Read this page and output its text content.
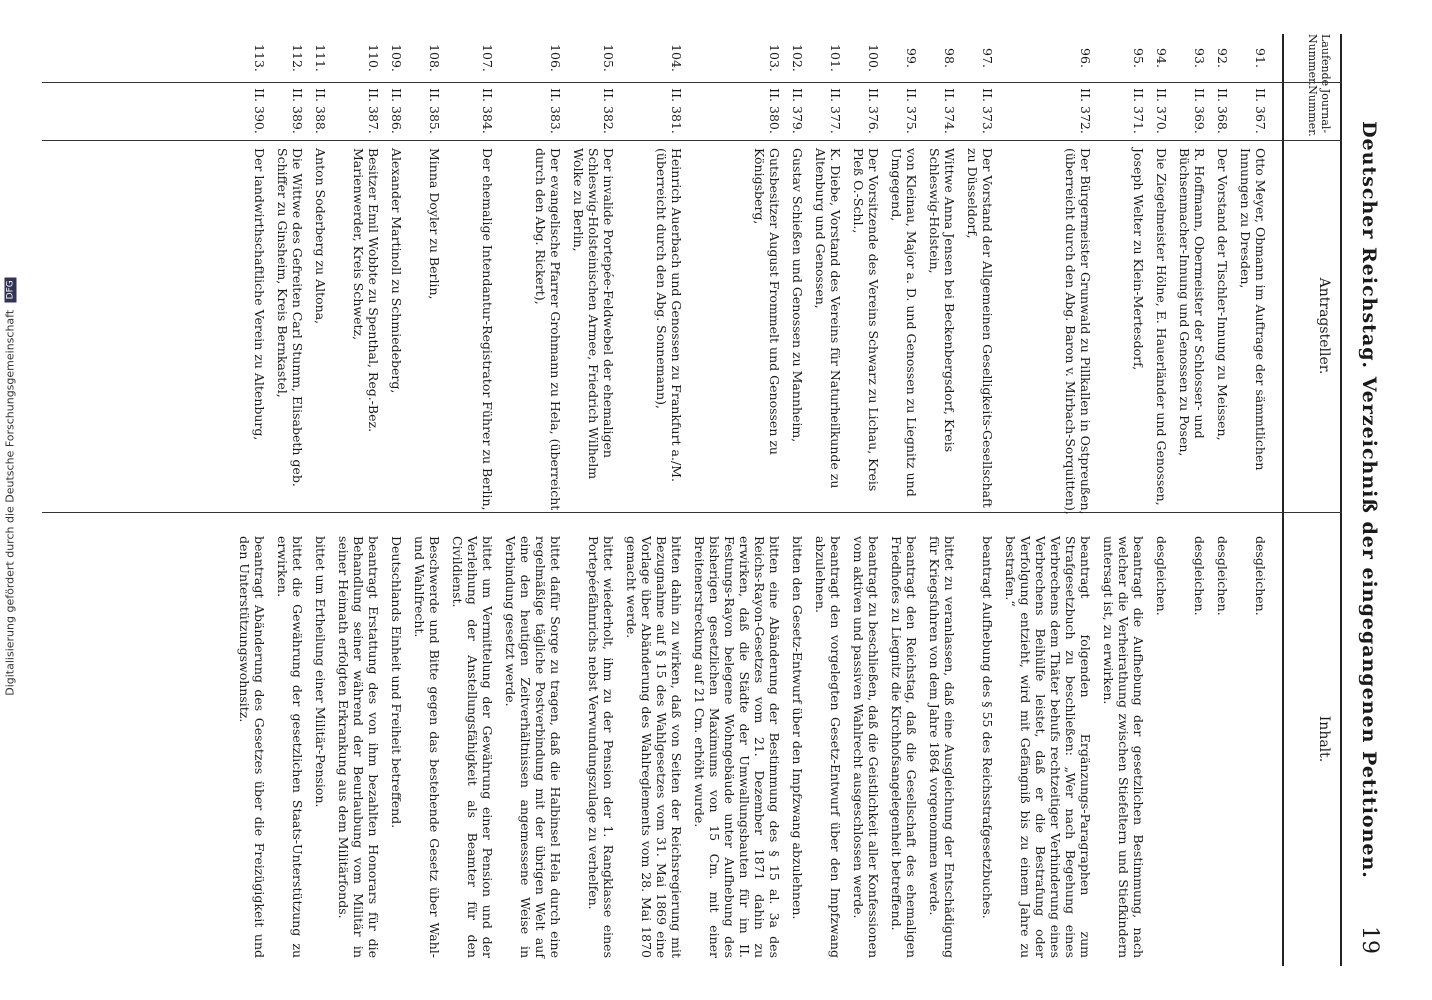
Deutscher Reichstag. Verzeichniß der eingegangenen Petitionen.
19
Laufende Nummer.
Journal-Nummer.
Antragsteller.
Inhalt.
91.
II. 367.
Otto Meyer, Obmann im Auftrage der sämmtlichen Innungen zu Dresden,
desgleichen.
92.
II. 368.
Der Vorstand der Tischler-Innung zu Meissen,
desgleichen.
93.
II. 369.
R. Hoffmann, Obermeister der Schlosser- und Büchsenmacher-Innung und Genossen zu Posen,
desgleichen.
94.
II. 370.
Die Ziegelmeister Hölne, E. Hauerländer und Genossen,
desgleichen.
95.
II. 371.
Joseph Welter zu Klein-Mertesdorf,
beantragt die Aufhebung der gesetzlichen Bestimmung, nach welcher die Verheirathung zwischen Stiefeltern und Stiefkindern untersagt ist, zu erwirken.
96.
II. 372.
Der Bürgermeister Grunwald zu Pillkallen in Ostpreußen, (überreicht durch den Abg. Baron v. Mirbach-Sorquitten),
beantragt folgenden Ergänzungs-Paragraphen zum Strafgesetzbuch zu beschließen: „Wer nach Begehung eines Verbrechens dem Thäter behufs rechtzeitiger Verhinderung eines Verbrechens Beihülfe leistet, daß er die Bestrafung oder Verfolgung entzieht, wird mit Gefängniß bis zu einem Jahre zu bestrafen.“
97.
II. 373.
Der Vorstand der Allgemeinen Geselligkeits-Gesellschaft zu Düsseldorf,
beantragt Aufhebung des § 55 des Reichsstrafgesetzbuches.
98.
II. 374.
Wittwe Anna Jensen bei Beckenbergsdorf, Kreis Schleswig-Holstein,
bittet zu veranlassen, daß eine Ausgleichung der Entschädigung für Kriegsfuhren von dem Jahre 1864 vorgenommen werde.
99.
II. 375.
von Kleinau, Major a. D. und Genossen zu Liegnitz und Umgegend,
beantragt den Reichstag, daß die Gesellschaft des ehemaligen Friedhofes zu Liegnitz die Kirchhofsangelegenheit betreffend.
100.
II. 376.
Der Vorsitzende des Vereins Schwarz zu Lichau, Kreis Pleß O.-Schl.,
beantragt zu beschließen, daß die Geistlichkeit aller Konfessionen vom aktiven und passiven Wahlrecht ausgeschlossen werde.
101.
II. 377.
K. Diebe, Vorstand des Vereins für Naturheilkunde zu Altenburg und Genossen,
beantragt den vorgelegten Gesetz-Entwurf über den Impfzwang abzulehnen.
102.
II. 379.
Gustav Schießen und Genossen zu Mannheim,
bitten den Gesetz-Entwurf über den Impfzwang abzulehnen.
103.
II. 380.
Gutsbesitzer August Frommelt und Genossen zu Königsberg,
bitten eine Abänderung der Bestimmung des § 15 al. 3a des Reichs-Rayon-Gesetzes vom 21. Dezember 1871 dahin zu erwirken, daß die Städte der Umwallungsbauten für im II. Festungs-Rayon belegene Wohngebäude unter Aufhebung des bisherigen gesetzlichen Maximums von 15 Cm. mit einer Breitenerstreckung auf 21 Cm. erhöht wurde.
104.
II. 381.
Heinrich Auerbach und Genossen zu Frankfurt a./M. (überreicht durch den Abg. Sonnemann),
bitten dahin zu wirken, daß von Seiten der Reichsregierung mit Bezugnahme auf § 15 des Wahlgesetzes vom 31. Mai 1869 eine Vorlage über Abänderung des Wahlreglements vom 28. Mai 1870 gemacht werde.
105.
II. 382.
Der invalide Portepée-Feldwebel der ehemaligen Schleswig-Holsteinischen Armee, Friedrich Wilhelm Wolke zu Berlin,
bittet wiederholt, ihm zu der Pension der 1. Rangklasse eines Portepéefähnrichs nebst Verwundungszulage zu verhelfen.
106.
II. 383.
Der evangelische Pfarrer Grohmann zu Hela, (überreicht durch den Abg. Rickert),
bittet dafür Sorge zu tragen, daß die Halbinsel Hela durch eine regelmäßige tägliche Postverbindung mit der übrigen Welt auf eine den heutigen Zeitverhältnissen angemessene Weise in Verbindung gesetzt werde.
107.
II. 384.
Der ehemalige Intendantur-Registrator Führer zu Berlin,
bittet um Vermittelung der Gewährung einer Pension und der Verleihung der Anstellungsfähigkeit als Beamter für den Civildienst.
108.
II. 385.
Minna Doyler zu Berlin,
Beschwerde und Bitte gegen das bestehende Gesetz über Wahl- und Wahlfrecht.
109.
II. 386.
Alexander Martinoll zu Schmiedeberg,
Deutschlands Einheit und Freiheit betreffend.
110.
II. 387.
Besitzer Emil Wobbte zu Spenthal, Reg.-Bez. Marienwerder, Kreis Schwetz,
beantragt Erstattung des von ihm bezahlten Honorars für die Behandlung seiner während der Beurlaubung vom Militär in seiner Heimath erfolgten Erkrankung aus dem Militärfonds.
111.
II. 388.
Anton Soderberg zu Altona,
bittet um Ertheilung einer Militär-Pension.
112.
II. 389.
Die Wittwe des Gefreiten Carl Stumm, Elisabeth geb. Schiffer zu Ginsheim, Kreis Bernkastel,
bittet die Gewährung der gesetzlichen Staats-Unterstützung zu erwirken.
113.
II. 390.
Der landwirthschaftliche Verein zu Altenburg,
beantragt Abänderung des Gesetzes über die Freizügigkeit und den Unterstützungswohnsitz.
Digitalisierung gefördert durch die Deutsche Forschungsgemeinschaft DFG
